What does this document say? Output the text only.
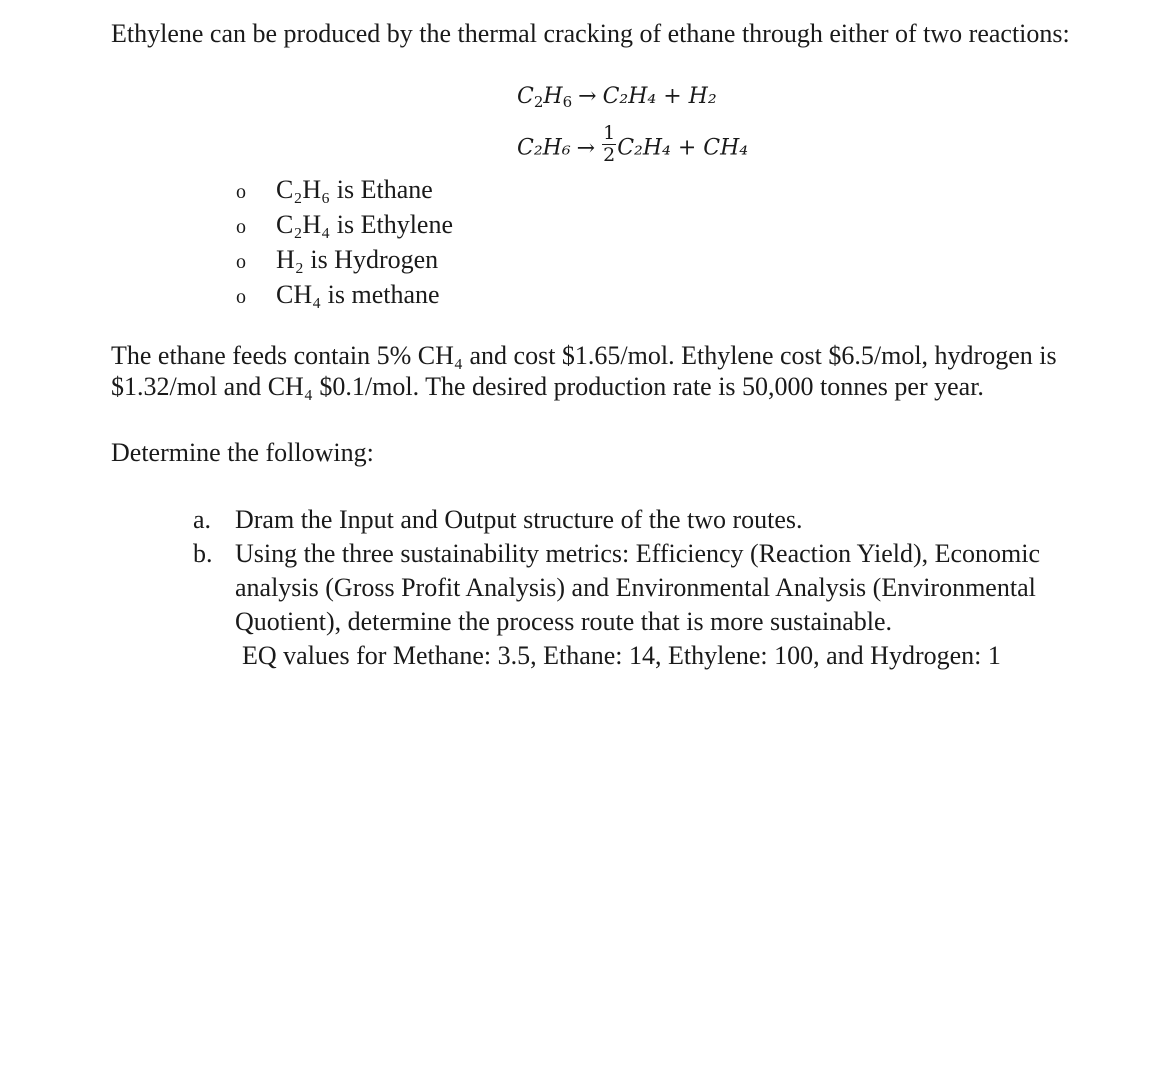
Ethylene can be produced by the thermal cracking of ethane through either of two reactions:
$C_2H_6 \to C_2H_4 + H_2$
$C_2H_6 \to \frac{1}{2} C_2H_4 + CH_4$
o	C₂H₆ is Ethane
o	C₂H₄ is Ethylene
o	H₂ is Hydrogen
o	CH₄ is methane
The ethane feeds contain 5% CH₄ and cost $1.65/mol. Ethylene cost $6.5/mol, hydrogen is $1.32/mol and CH₄ $0.1/mol. The desired production rate is 50,000 tonnes per year.
Determine the following:
a. Dram the Input and Output structure of the two routes.
b. Using the three sustainability metrics: Efficiency (Reaction Yield), Economic analysis (Gross Profit Analysis) and Environmental Analysis (Environmental Quotient), determine the process route that is more sustainable.
EQ values for Methane: 3.5, Ethane: 14, Ethylene: 100, and Hydrogen: 1
